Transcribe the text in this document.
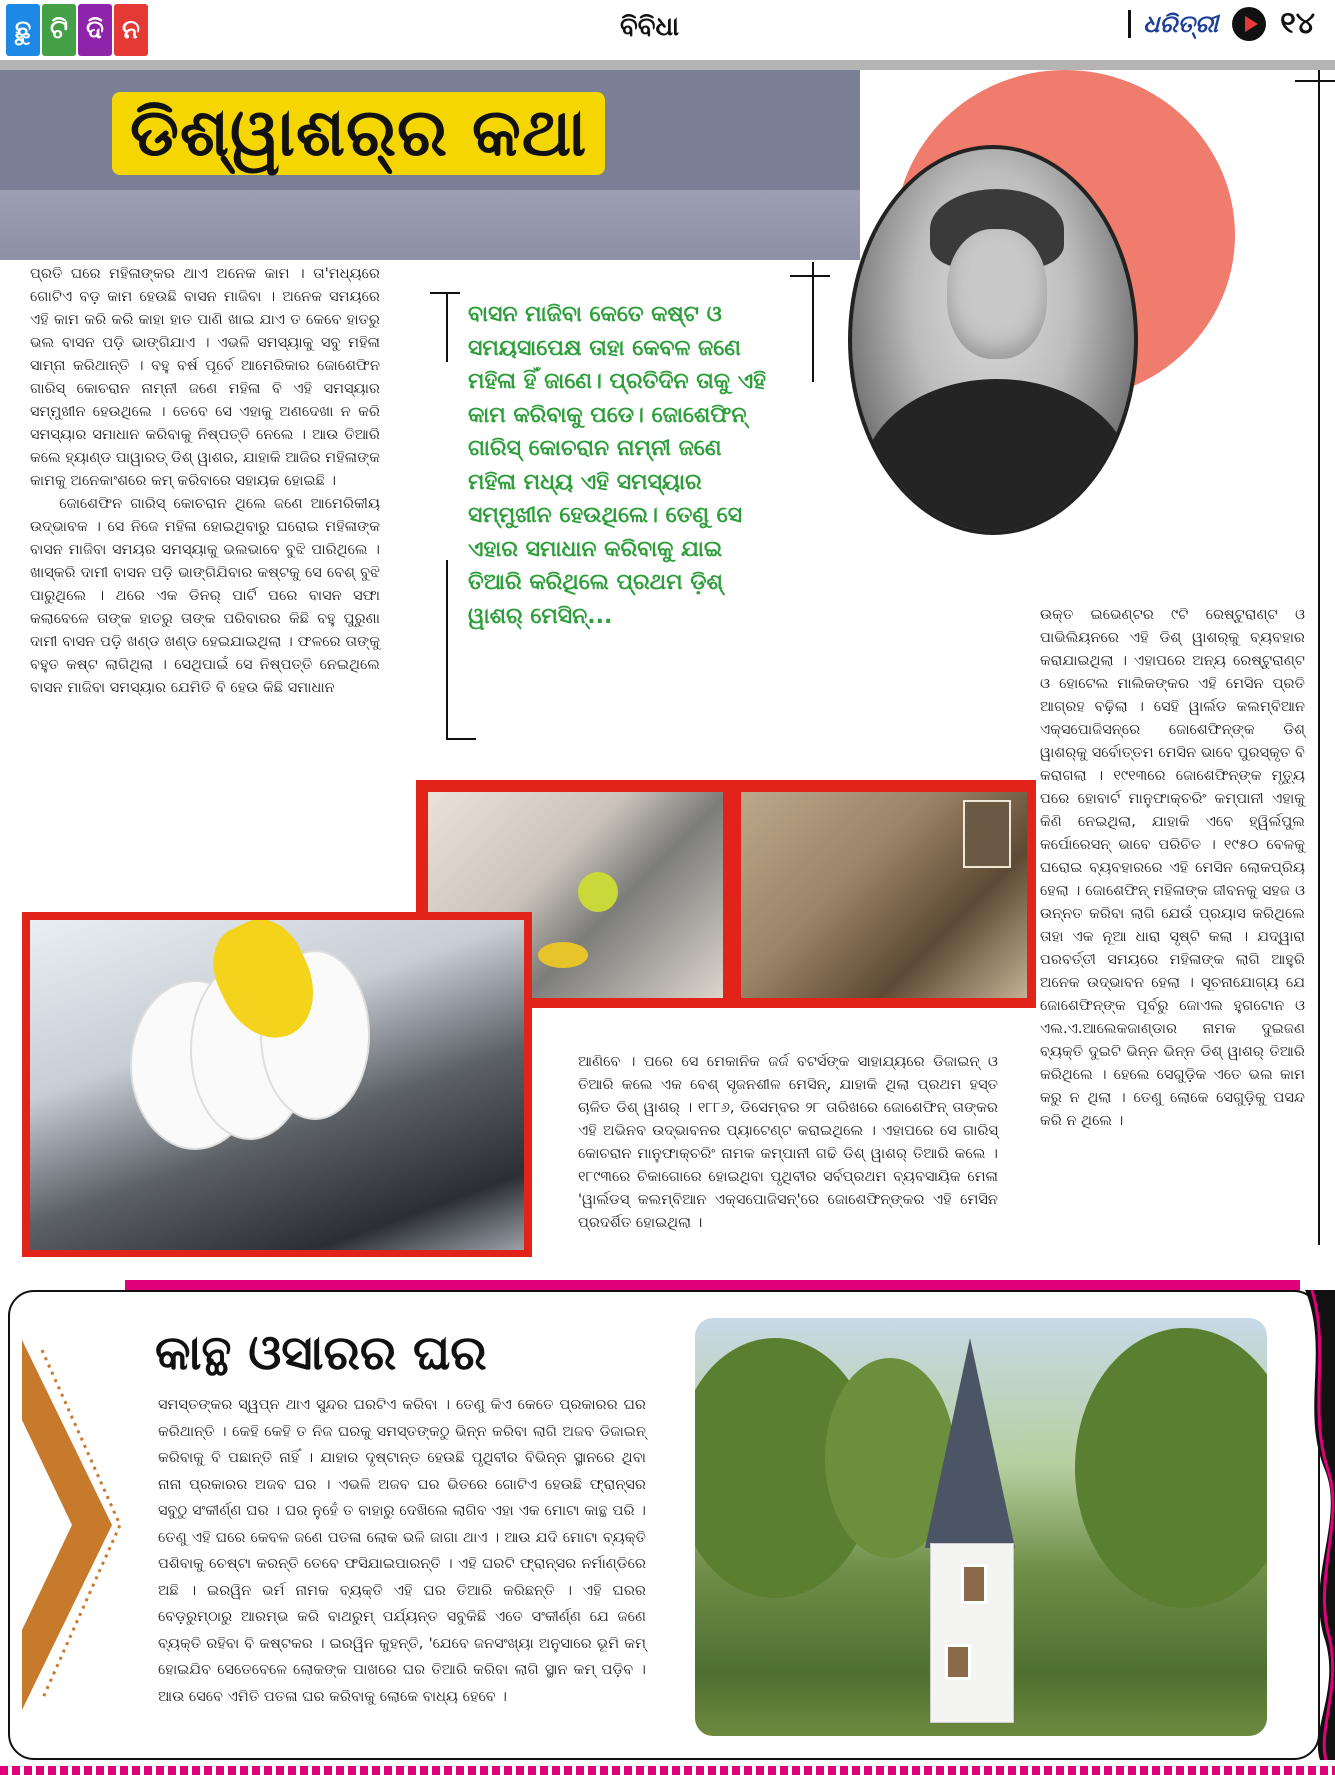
ଛୁ ଟି ଦି ନ	ବିବିଧା	ଧରିତ୍ରୀ ୧୪
ଡିଶ୍‌ୱାଶର୍‌ର କଥା

ପ୍ରତି ଘରେ ମହିଳାଙ୍କର ଥାଏ ଅନେକ କାମ । ତା'ମଧ୍ୟରେ ଗୋଟିଏ ବଡ଼ କାମ ହେଉଛି ବାସନ ମାଜିବା । ଅନେକ ସମୟରେ ଏହି କାମ କରି କରି କାହା ହାତ ପାଣି ଖାଇ ଯାଏ ତ କେବେ ହାତରୁ ଭଲ ବାସନ ପଡ଼ି ଭାଙ୍ଗିଯାଏ । ଏଭଳି ସମସ୍ୟାକୁ ସବୁ ମହିଳା ସାମ୍ନା କରିଥାନ୍ତି । ବହୁ ବର୍ଷ ପୂର୍ବେ ଆମେରିକାର ଜୋଶେଫିନ ଗାରିସ୍ କୋଚରାନ ନାମ୍ନୀ ଜଣେ ମହିଳା ବି ଏହି ସମସ୍ୟାର ସମ୍ମୁଖୀନ ହେଉଥିଲେ । ତେବେ ସେ ଏହାକୁ ଅଣଦେଖା ନ କରି ସମସ୍ୟାର ସମାଧାନ କରିବାକୁ ନିଷ୍ପତ୍ତି ନେଲେ । ଆଉ ତିଆରି କଲେ ହ୍ୟାଣ୍ଡ ପାୱାରଡ୍ ଡିଶ୍ ୱାଶର, ଯାହାକି ଆଜିର ମହିଳାଙ୍କ କାମକୁ ଅନେକାଂଶରେ କମ୍ କରିବାରେ ସହାୟକ ହୋଇଛି ।

ଜୋଶେଫିନ ଗାରିସ୍ କୋଚରାନ ଥିଲେ ଜଣେ ଆମେରିକୀୟ ଉଦ୍ଭାବକ । ସେ ନିଜେ ମହିଳା ହୋଇଥିବାରୁ ଘରୋଇ ମହିଳାଙ୍କ ବାସନ ମାଜିବା ସମୟର ସମସ୍ୟାକୁ ଭଲଭାବେ ବୁଝି ପାରିଥିଲେ । ଖାସ୍‌କରି ଦାମୀ ବାସନ ପଡ଼ି ଭାଙ୍ଗିଯିବାର କଷ୍ଟକୁ ସେ ବେଶ୍ ବୁଝି ପାରୁଥିଲେ । ଥରେ ଏକ ଡିନର୍ ପାର୍ଟି ପରେ ବାସନ ସଫା କଲାବେଳେ ତାଙ୍କ ହାତରୁ ତାଙ୍କ ପରିବାରର କିଛି ବହୁ ପୁରୁଣା ଦାମୀ ବାସନ ପଡ଼ି ଖଣ୍ଡ ଖଣ୍ଡ ହେଇଯାଇଥିଲା । ଫଳରେ ତାଙ୍କୁ ବହୁତ କଷ୍ଟ ଲାଗିଥିଲା । ସେଥିପାଇଁ ସେ ନିଷ୍ପତ୍ତି ନେଇଥିଲେ ବାସନ ମାଜିବା ସମସ୍ୟାର ଯେମିତି ବି ହେଉ କିଛି ସମାଧାନ

ବାସନ ମାଜିବା କେତେ କଷ୍ଟ ଓ ସମୟସାପେକ୍ଷ ତାହା କେବଳ ଜଣେ ମହିଳା ହିଁ ଜାଣେ। ପ୍ରତିଦିନ ତାକୁ ଏହି କାମ କରିବାକୁ ପଡେ। ଜୋଶେଫିନ୍ ଗାରିସ୍ କୋଚରାନ ନାମ୍ନୀ ଜଣେ ମହିଳା ମଧ୍ୟ ଏହି ସମସ୍ୟାର ସମ୍ମୁଖୀନ ହେଉଥିଲେ। ତେଣୁ ସେ ଏହାର ସମାଧାନ କରିବାକୁ ଯାଇ ତିଆରି କରିଥିଲେ ପ୍ରଥମ ଡ଼ିଶ୍ ୱାଶର୍ ମେସିନ୍...

ଆଣିବେ । ପରେ ସେ ମେକାନିକ ଜର୍ଜ ବଟର୍ସଙ୍କ ସାହାଯ୍ୟରେ ଡିଜାଇନ୍ ଓ ତିଆରି କଲେ ଏକ ବେଶ୍ ସୃଜନଶୀଳ ମେସିନ୍, ଯାହାକି ଥିଲା ପ୍ରଥମ ହସ୍ତ ଚାଳିତ ଡିଶ୍ ୱାଶର୍ । ୧୮୮୬, ଡିସେମ୍ବର ୨୮ ତାରିଖରେ ଜୋଶେଫିନ୍ ତାଙ୍କର ଏହି ଅଭିନବ ଉଦ୍ଭାବନର ପ୍ୟାଟେଣ୍ଟ କରାଇଥିଲେ । ଏହାପରେ ସେ ଗାରିସ୍ କୋଚରାନ ମାନୁଫାକ୍ଚରିଂ ନାମକ କମ୍ପାନୀ ଗଢି ଡିଶ୍ ୱାଶର୍ ତିଆରି କଲେ । ୧୮୯୩ରେ ଚିକାଗୋରେ ହୋଇଥିବା ପୃଥିବୀର ସର୍ବପ୍ରଥମ ବ୍ୟବସାୟିକ ମେଳା 'ୱାର୍ଲଡସ୍ କଲମ୍ବିଆନ ଏକ୍ସପୋଜିସନ୍'ରେ ଜୋଶେଫିନ୍‌ଙ୍କର ଏହି ମେସିନ ପ୍ରଦର୍ଶିତ ହୋଇଥିଲା ।

ଉକ୍ତ ଇଭେଣ୍ଟର ୯ଟି ରେଷ୍ଟୁରାଣ୍ଟ ଓ ପାଭିଲିୟନରେ ଏହି ଡିଶ୍ ୱାଶର୍‌କୁ ବ୍ୟବହାର କରାଯାଇଥିଲା । ଏହାପରେ ଅନ୍ୟ ରେଷ୍ଟୁରାଣ୍ଟ ଓ ହୋଟେଲ ମାଲିକଙ୍କର ଏହି ମେସିନ ପ୍ରତି ଆଗ୍ରହ ବଢ଼ିଲା । ସେହି ୱାର୍ଲଡ କଲମ୍ବିଆନ ଏକ୍ସପୋଜିସନ୍‌ରେ ଜୋଶେଫିନ୍‌ଙ୍କ ଡିଶ୍ ୱାଶର୍‌କୁ ସର୍ବୋତ୍ତମ ମେସିନ ଭାବେ ପୁରସ୍କୃତ ବି କରାଗଲା । ୧୯୧୩ରେ ଜୋଶେଫିନ୍‌ଙ୍କ ମୃତ୍ୟୁ ପରେ ହୋବାର୍ଟ ମାନୁଫାକ୍ଚରିଂ କମ୍ପାନୀ ଏହାକୁ କିଣି ନେଇଥିଲା, ଯାହାକି ଏବେ ହ୍ୱିର୍ଲପୁଲ କର୍ପୋରେସନ୍ ଭାବେ ପରିଚିତ । ୧୯୫୦ ବେଳକୁ ଘରୋଇ ବ୍ୟବହାରରେ ଏହି ମେସିନ ଲୋକପ୍ରିୟ ହେଲା । ଜୋଶେଫିନ୍ ମହିଳାଙ୍କ ଜୀବନକୁ ସହଜ ଓ ଉନ୍ନତ କରିବା ଲାଗି ଯେଉଁ ପ୍ରୟାସ କରିଥିଲେ ତାହା ଏକ ନୂଆ ଧାରା ସୃଷ୍ଟି କଲା । ଯଦ୍ୱାରା ପରବର୍ତ୍ତୀ ସମୟରେ ମହିଳାଙ୍କ ଲାଗି ଆହୁରି ଅନେକ ଉଦ୍ଭାବନ ହେଲା । ସୂଚନାଯୋଗ୍ୟ ଯେ ଜୋଶେଫିନ୍‌ଙ୍କ ପୂର୍ବରୁ ଜୋଏଲ ହୁଗଟୋନ ଓ ଏଲ.ଏ.ଆଲେକଜାଣ୍ଡାର ନାମକ ଦୁଇଜଣ ବ୍ୟକ୍ତି ଦୁଇଟି ଭିନ୍ନ ଭିନ୍ନ ଡିଶ୍ ୱାଶର୍ ତିଆରି କରିଥିଲେ । ହେଲେ ସେଗୁଡ଼ିକ ଏତେ ଭଲ କାମ କରୁ ନ ଥିଲା । ତେଣୁ ଲୋକେ ସେଗୁଡ଼ିକୁ ପସନ୍ଦ କରି ନ ଥିଲେ ।

କାନ୍ଥ ଓସାରର ଘର

ସମସ୍ତଙ୍କର ସ୍ୱପ୍ନ ଥାଏ ସୁନ୍ଦର ଘରଟିଏ କରିବା । ତେଣୁ କିଏ କେତେ ପ୍ରକାରର ଘର କରିଥାନ୍ତି । କେହି କେହି ତ ନିଜ ଘରକୁ ସମସ୍ତଙ୍କଠୁ ଭିନ୍ନ କରିବା ଲାଗି ଅଜବ ଡିଜାଇନ୍ କରିବାକୁ ବି ପଛାନ୍ତି ନାହିଁ । ଯାହାର ଦୃଷ୍ଟାନ୍ତ ହେଉଛି ପୃଥିବୀର ବିଭିନ୍ନ ସ୍ଥାନରେ ଥିବା ନାନା ପ୍ରକାରର ଅଜବ ଘର । ଏଭଳି ଅଜବ ଘର ଭିତରେ ଗୋଟିଏ ହେଉଛି ଫ୍ରାନ୍ସର ସବୁଠୁ ସଂକୀର୍ଣ୍ଣ ଘର । ଘର ନୁହେଁ ତ ବାହାରୁ ଦେଖିଲେ ଲାଗିବ ଏହା ଏକ ମୋଟା କାନ୍ଥ ପରି । ତେଣୁ ଏହି ଘରେ କେବଳ ଜଣେ ପତଳା ଲୋକ ଭଳି ଜାଗା ଥାଏ । ଆଉ ଯଦି ମୋଟା ବ୍ୟକ୍ତି ପଶିବାକୁ ଚେଷ୍ଟା କରନ୍ତି ତେବେ ଫସିଯାଇପାରନ୍ତି । ଏହି ଘରଟି ଫ୍ରାନ୍ସର ନର୍ମାଣ୍ଡିରେ ଅଛି । ଇରୱିନ ଭର୍ମ ନାମକ ବ୍ୟକ୍ତି ଏହି ଘର ତିଆରି କରିଛନ୍ତି । ଏହି ଘରର ବେଡ଼ରୁମ୍‌ଠାରୁ ଆରମ୍ଭ କରି ବାଥରୁମ୍ ପର୍ଯ୍ୟନ୍ତ ସବୁକିଛି ଏତେ ସଂକୀର୍ଣ୍ଣ ଯେ ଜଣେ ବ୍ୟକ୍ତି ରହିବା ବି କଷ୍ଟକର । ଇରୱିନ କୁହନ୍ତି, 'ଯେବେ ଜନସଂଖ୍ୟା ଅନୁସାରେ ଭୂମି କମ୍ ହୋଇଯିବ ସେତେବେଳେ ଲୋକଙ୍କ ପାଖରେ ଘର ତିଆରି କରିବା ଲାଗି ସ୍ଥାନ କମ୍ ପଡ଼ିବ । ଆଉ ସେବେ ଏମିତି ପତଳା ଘର କରିବାକୁ ଲୋକେ ବାଧ୍ୟ ହେବେ ।
